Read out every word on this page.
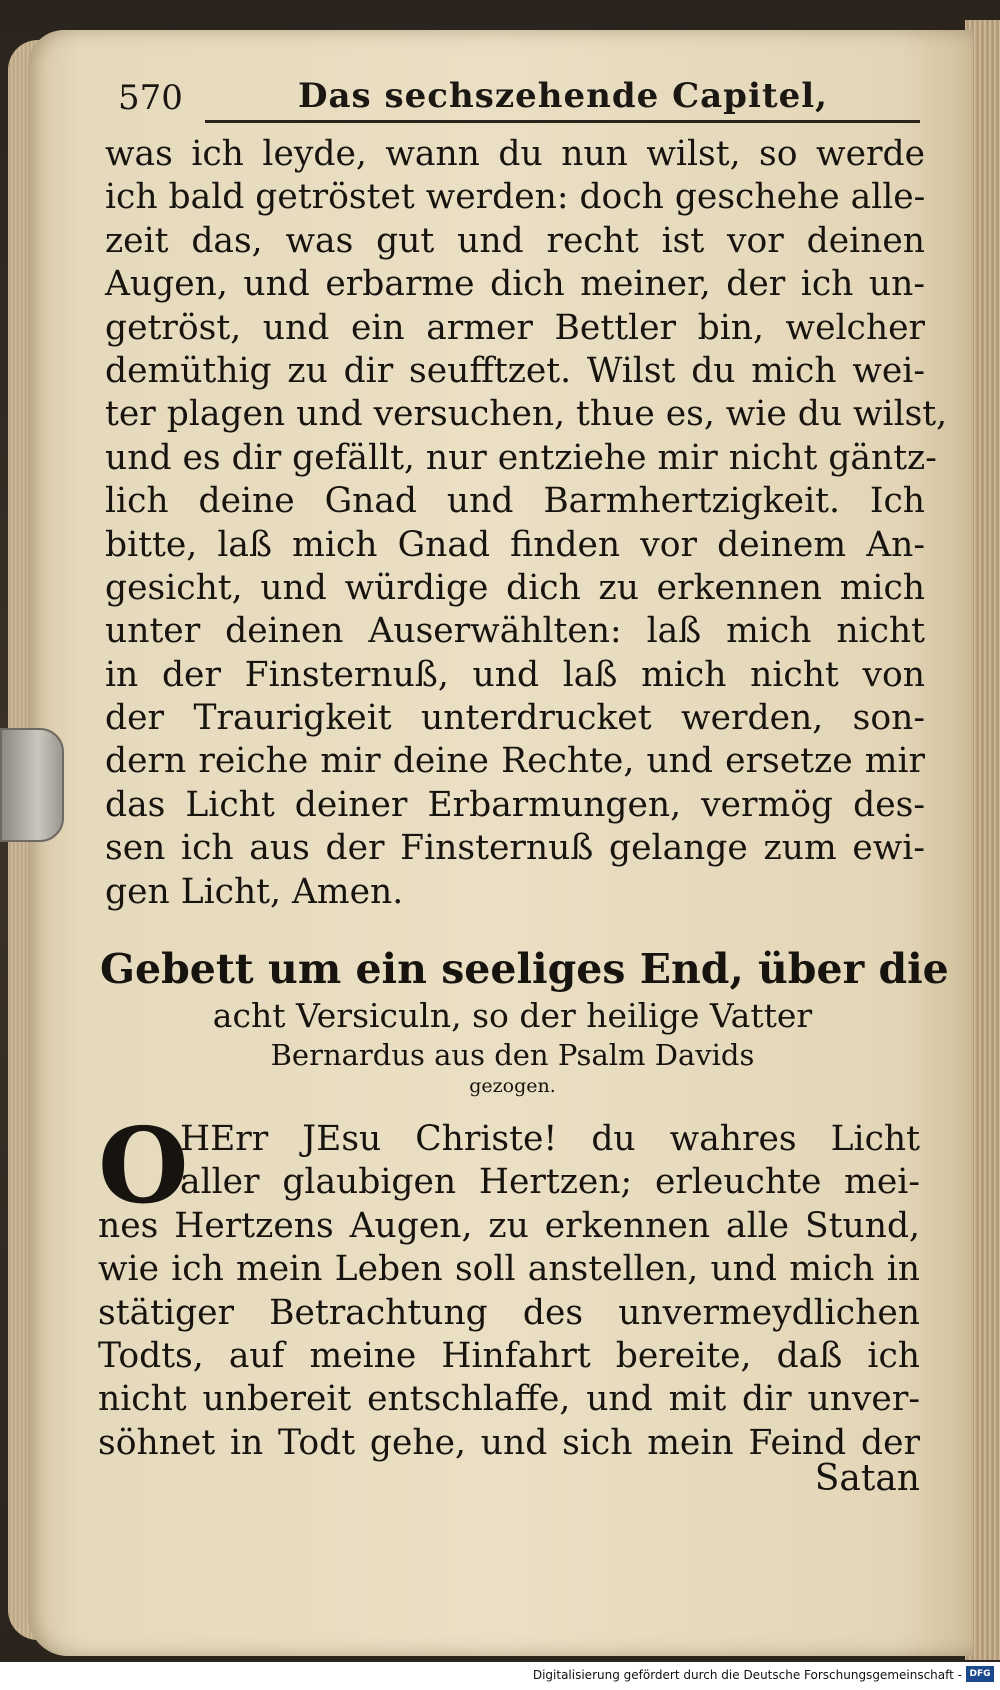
570	Das sechszehende Capitel,
was ich leyde, wann du nun wilst, so werde
ich bald getröstet werden: doch geschehe alle-
zeit das, was gut und recht ist vor deinen
Augen, und erbarme dich meiner, der ich un-
getröst, und ein armer Bettler bin, welcher
demüthig zu dir seufftzet. Wilst du mich wei-
ter plagen und versuchen, thue es, wie du wilst,
und es dir gefällt, nur entziehe mir nicht gäntz-
lich deine Gnad und Barmhertzigkeit. Ich
bitte, laß mich Gnad finden vor deinem An-
gesicht, und würdige dich zu erkennen mich
unter deinen Auserwählten: laß mich nicht
in der Finsternuß, und laß mich nicht von
der Traurigkeit unterdrucket werden, son-
dern reiche mir deine Rechte, und ersetze mir
das Licht deiner Erbarmungen, vermög des-
sen ich aus der Finsternuß gelange zum ewi-
gen Licht, Amen.
Gebett um ein seeliges End, über die
acht Versiculn, so der heilige Vatter
Bernardus aus den Psalm Davids
gezogen.
O
HErr JEsu Christe! du wahres Licht
aller glaubigen Hertzen; erleuchte mei-
nes Hertzens Augen, zu erkennen alle Stund,
wie ich mein Leben soll anstellen, und mich in
stätiger Betrachtung des unvermeydlichen
Todts, auf meine Hinfahrt bereite, daß ich
nicht unbereit entschlaffe, und mit dir unver-
söhnet in Todt gehe, und sich mein Feind der
Satan
Digitalisierung gefördert durch die Deutsche Forschungsgemeinschaft - DFG
